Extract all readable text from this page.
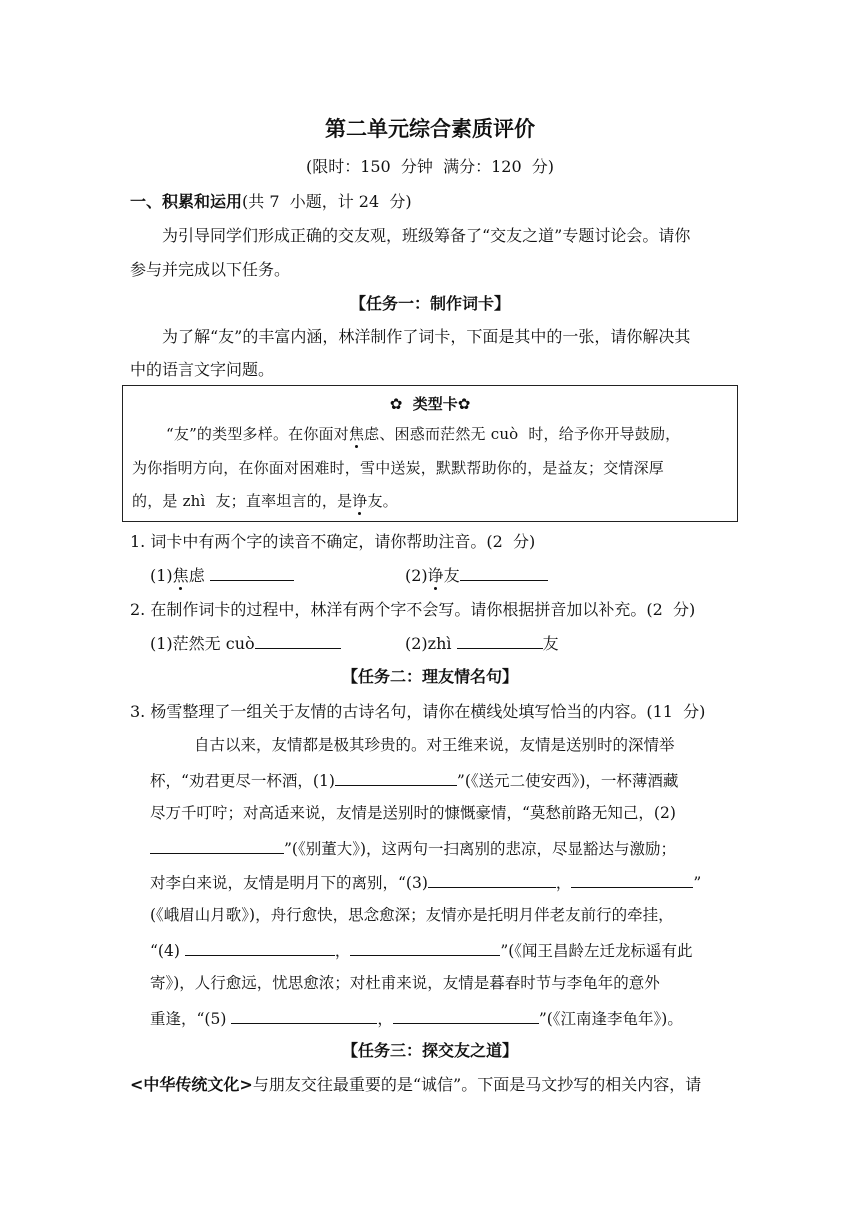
第二单元综合素质评价
(限时：150  分钟  满分：120  分)
一、积累和运用(共 7  小题，计 24  分)
为引导同学们形成正确的交友观，班级筹备了“交友之道”专题讨论会。请你
参与并完成以下任务。
【任务一：制作词卡】
为了解“友”的丰富内涵，林洋制作了词卡，下面是其中的一张，请你解决其
中的语言文字问题。
✿ 类型卡✿
“友”的类型多样。在你面对焦虑、困惑而茫然无 cuò  时，给予你开导鼓励，
为你指明方向，在你面对困难时，雪中送炭，默默帮助你的，是益友；交情深厚
的，是 zhì  友；直率坦言的，是诤友。
1. 词卡中有两个字的读音不确定，请你帮助注音。(2  分)
(1)焦虑	(2)诤友
2. 在制作词卡的过程中，林洋有两个字不会写。请你根据拼音加以补充。(2  分)
(1)茫然无 cuò	(2)zhì	友
【任务二：理友情名句】
3. 杨雪整理了一组关于友情的古诗名句，请你在横线处填写恰当的内容。(11  分)
自古以来，友情都是极其珍贵的。对王维来说，友情是送别时的深情举
杯，“劝君更尽一杯酒，(1)	”(《送元二使安西》)，一杯薄酒藏
尽万千叮咛；对高适来说，友情是送别时的慷慨豪情，“莫愁前路无知己，(2)
”(《别董大》)，这两句一扫离别的悲凉，尽显豁达与激励；
对李白来说，友情是明月下的离别，“(3)	，	”
(《峨眉山月歌》)，舟行愈快，思念愈深；友情亦是托明月伴老友前行的牵挂，
“(4)	，	”(《闻王昌龄左迁龙标遥有此
寄》)，人行愈远，忧思愈浓；对杜甫来说，友情是暮春时节与李龟年的意外
重逢，“(5)	，	”(《江南逢李龟年》)。
【任务三：探交友之道】
<中华传统文化>与朋友交往最重要的是“诚信”。下面是马文抄写的相关内容，请
